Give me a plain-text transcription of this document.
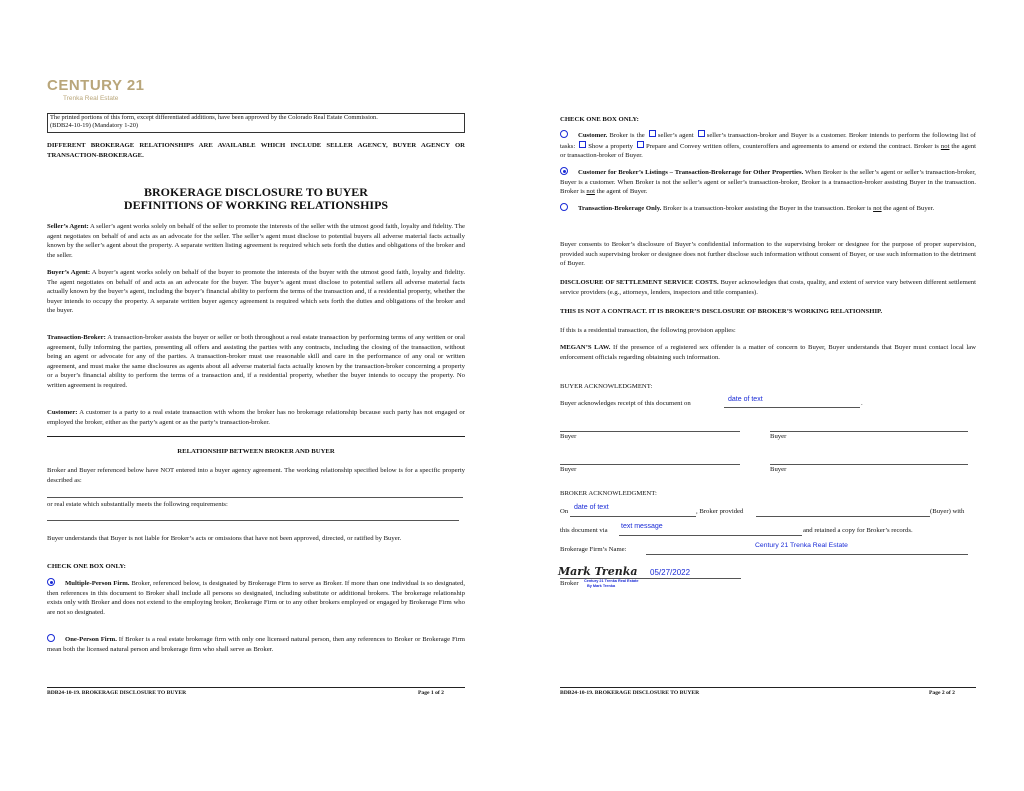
CENTURY 21
Trenka Real Estate
The printed portions of this form, except differentiated additions, have been approved by the Colorado Real Estate Commission.
(BDB24-10-19) (Mandatory 1-20)
DIFFERENT BROKERAGE RELATIONSHIPS ARE AVAILABLE WHICH INCLUDE SELLER AGENCY, BUYER AGENCY OR TRANSACTION-BROKERAGE.
BROKERAGE DISCLOSURE TO BUYER
DEFINITIONS OF WORKING RELATIONSHIPS
Seller’s Agent: A seller’s agent works solely on behalf of the seller to promote the interests of the seller with the utmost good faith, loyalty and fidelity. The agent negotiates on behalf of and acts as an advocate for the seller. The seller’s agent must disclose to potential buyers all adverse material facts actually known by the seller’s agent about the property. A separate written listing agreement is required which sets forth the duties and obligations of the broker and the seller.
Buyer’s Agent: A buyer’s agent works solely on behalf of the buyer to promote the interests of the buyer with the utmost good faith, loyalty and fidelity. The agent negotiates on behalf of and acts as an advocate for the buyer. The buyer’s agent must disclose to potential sellers all adverse material facts actually known by the buyer’s agent, including the buyer’s financial ability to perform the terms of the transaction and, if a residential property, whether the buyer intends to occupy the property. A separate written buyer agency agreement is required which sets forth the duties and obligations of the broker and the buyer.
Transaction-Broker: A transaction-broker assists the buyer or seller or both throughout a real estate transaction by performing terms of any written or oral agreement, fully informing the parties, presenting all offers and assisting the parties with any contracts, including the closing of the transaction, without being an agent or advocate for any of the parties. A transaction-broker must use reasonable skill and care in the performance of any oral or written agreement, and must make the same disclosures as agents about all adverse material facts actually known by the transaction-broker concerning a property or a buyer’s financial ability to perform the terms of a transaction and, if a residential property, whether the buyer intends to occupy the property. No written agreement is required.
Customer: A customer is a party to a real estate transaction with whom the broker has no brokerage relationship because such party has not engaged or employed the broker, either as the party’s agent or as the party’s transaction-broker.
RELATIONSHIP BETWEEN BROKER AND BUYER
Broker and Buyer referenced below have NOT entered into a buyer agency agreement. The working relationship specified below is for a specific property described as:
or real estate which substantially meets the following requirements:
Buyer understands that Buyer is not liable for Broker’s acts or omissions that have not been approved, directed, or ratified by Buyer.
CHECK ONE BOX ONLY:
Multiple-Person Firm. Broker, referenced below, is designated by Brokerage Firm to serve as Broker. If more than one individual is so designated, then references in this document to Broker shall include all persons so designated, including substitute or additional brokers. The brokerage relationship exists only with Broker and does not extend to the employing broker, Brokerage Firm or to any other brokers employed or engaged by Brokerage Firm who are not so designated.
One-Person Firm. If Broker is a real estate brokerage firm with only one licensed natural person, then any references to Broker or Brokerage Firm mean both the licensed natural person and brokerage firm who shall serve as Broker.
BDB24-10-19. BROKERAGE DISCLOSURE TO BUYER	Page 1 of 2
CHECK ONE BOX ONLY:
Customer. Broker is the seller’s agent seller’s transaction-broker and Buyer is a customer. Broker intends to perform the following list of tasks: Show a property Prepare and Convey written offers, counteroffers and agreements to amend or extend the contract. Broker is not the agent or transaction-broker of Buyer.
Customer for Broker’s Listings – Transaction-Brokerage for Other Properties. When Broker is the seller’s agent or seller’s transaction-broker, Buyer is a customer. When Broker is not the seller’s agent or seller’s transaction-broker, Broker is a transaction-broker assisting Buyer in the transaction. Broker is not the agent of Buyer.
Transaction-Brokerage Only. Broker is a transaction-broker assisting the Buyer in the transaction. Broker is not the agent of Buyer.
Buyer consents to Broker’s disclosure of Buyer’s confidential information to the supervising broker or designee for the purpose of proper supervision, provided such supervising broker or designee does not further disclose such information without consent of Buyer, or use such information to the detriment of Buyer.
DISCLOSURE OF SETTLEMENT SERVICE COSTS. Buyer acknowledges that costs, quality, and extent of service vary between different settlement service providers (e.g., attorneys, lenders, inspectors and title companies).
THIS IS NOT A CONTRACT. IT IS BROKER’S DISCLOSURE OF BROKER’S WORKING RELATIONSHIP.
If this is a residential transaction, the following provision applies:
MEGAN’S LAW. If the presence of a registered sex offender is a matter of concern to Buyer, Buyer understands that Buyer must contact local law enforcement officials regarding obtaining such information.
BUYER ACKNOWLEDGMENT:
Buyer acknowledges receipt of this document on	.
date of text
Buyer	Buyer
Buyer	Buyer
BROKER ACKNOWLEDGMENT:
On
date of text
, Broker provided	(Buyer) with
this document via
text message
and retained a copy for Broker’s records.
Brokerage Firm’s Name:
Century 21 Trenka Real Estate
Mark Trenka 05/27/2022
Broker Century 21 Trenka Real Estate
By Mark Trenka
BDB24-10-19. BROKERAGE DISCLOSURE TO BUYER	Page 2 of 2
